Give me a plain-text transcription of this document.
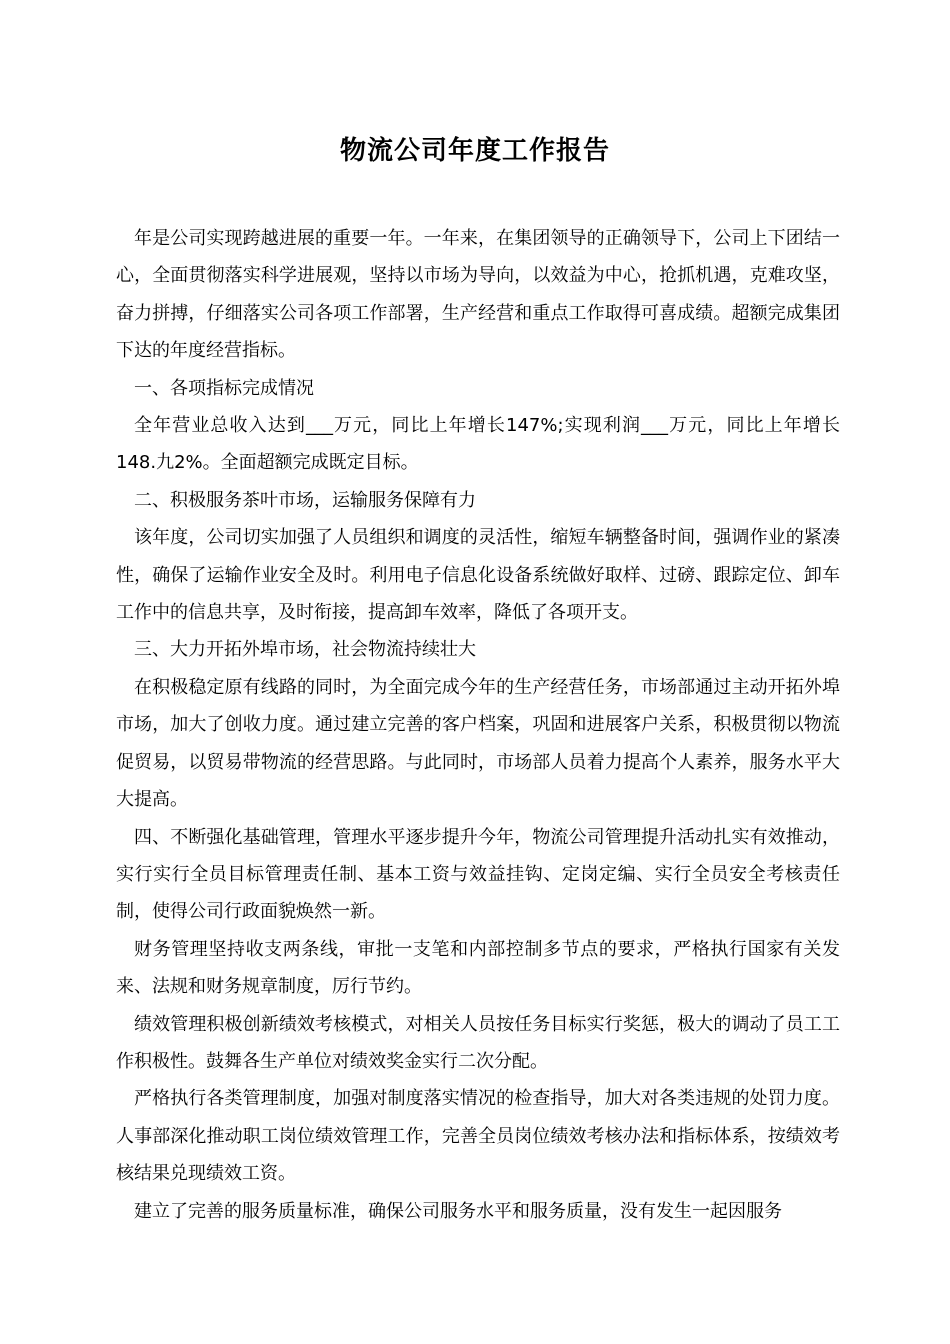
物流公司年度工作报告

年是公司实现跨越进展的重要一年。一年来，在集团领导的正确领导下，公司上下团结一心，全面贯彻落实科学进展观，坚持以市场为导向，以效益为中心，抢抓机遇，克难攻坚，奋力拼搏，仔细落实公司各项工作部署，生产经营和重点工作取得可喜成绩。超额完成集团下达的年度经营指标。

一、各项指标完成情况

全年营业总收入达到___万元，同比上年增长147%;实现利润___万元，同比上年增长148.九2%。全面超额完成既定目标。

二、积极服务茶叶市场，运输服务保障有力

该年度，公司切实加强了人员组织和调度的灵活性，缩短车辆整备时间，强调作业的紧凑性，确保了运输作业安全及时。利用电子信息化设备系统做好取样、过磅、跟踪定位、卸车工作中的信息共享，及时衔接，提高卸车效率，降低了各项开支。

三、大力开拓外埠市场，社会物流持续壮大

在积极稳定原有线路的同时，为全面完成今年的生产经营任务，市场部通过主动开拓外埠市场，加大了创收力度。通过建立完善的客户档案，巩固和进展客户关系，积极贯彻以物流促贸易，以贸易带物流的经营思路。与此同时，市场部人员着力提高个人素养，服务水平大大提高。

四、不断强化基础管理，管理水平逐步提升今年，物流公司管理提升活动扎实有效推动，实行实行全员目标管理责任制、基本工资与效益挂钩、定岗定编、实行全员安全考核责任制，使得公司行政面貌焕然一新。

财务管理坚持收支两条线，审批一支笔和内部控制多节点的要求，严格执行国家有关发来、法规和财务规章制度，厉行节约。

绩效管理积极创新绩效考核模式，对相关人员按任务目标实行奖惩，极大的调动了员工工作积极性。鼓舞各生产单位对绩效奖金实行二次分配。

严格执行各类管理制度，加强对制度落实情况的检查指导，加大对各类违规的处罚力度。人事部深化推动职工岗位绩效管理工作，完善全员岗位绩效考核办法和指标体系，按绩效考核结果兑现绩效工资。

建立了完善的服务质量标准，确保公司服务水平和服务质量，没有发生一起因服务
